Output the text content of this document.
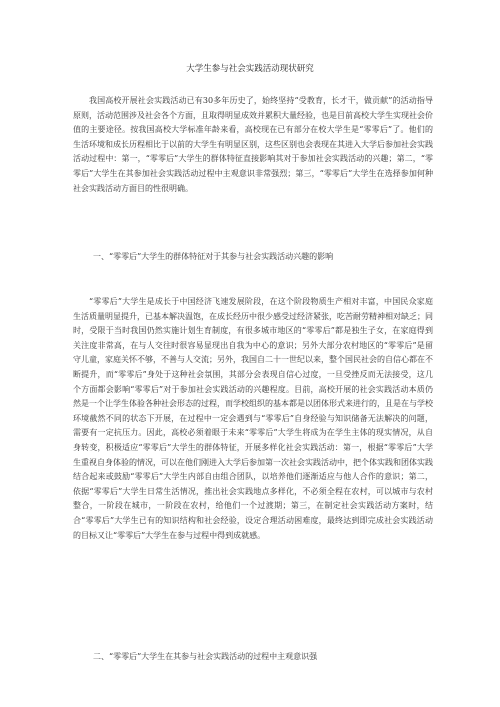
大学生参与社会实践活动现状研究

我国高校开展社会实践活动已有30多年历史了，始终坚持“受教育，长才干，做贡献”的活动指导原则，活动范围涉及社会各个方面，且取得明显成效并累积大量经验，也是目前高校大学生实现社会价值的主要途径。按我国高校大学标准年龄来看，高校现在已有部分在校大学生是“零零后”了。他们的生活环境和成长历程相比于以前的大学生有明显区别，这些区别也会表现在其进入大学后参加社会实践活动过程中：第一，“零零后”大学生的群体特征直接影响其对于参加社会实践活动的兴趣；第二，“零零后”大学生在其参加社会实践活动过程中主观意识非常强烈；第三，“零零后”大学生在选择参加何种社会实践活动方面目的性很明确。

一、“零零后”大学生的群体特征对于其参与社会实践活动兴趣的影响

“零零后”大学生是成长于中国经济飞速发展阶段，在这个阶段物质生产相对丰富，中国民众家庭生活质量明显提升，已基本解决温饱，在成长经历中很少感受过经济紧张，吃苦耐劳精神相对缺乏；同时，受限于当时我国仍然实施计划生育制度，有很多城市地区的“零零后”都是独生子女，在家庭得到关注度非常高，在与人交往时很容易显现出自我为中心的意识；另外大部分农村地区的“零零后”是留守儿童，家庭关怀不够，不善与人交流；另外，我国自二十一世纪以来，整个国民社会的自信心都在不断提升，而“零零后”身处于这种社会氛围，其部分会表现自信心过度，一旦受挫反而无法接受，这几个方面都会影响“零零后”对于参加社会实践活动的兴趣程度。目前，高校开展的社会实践活动本质仍然是一个让学生体验各种社会形态的过程，而学校组织的基本都是以团体形式来进行的，且是在与学校环境截然不同的状态下开展，在过程中一定会遇到与“零零后”自身经验与知识储备无法解决的问题，需要有一定抗压力。因此，高校必须着眼于未来“零零后”大学生将成为在学生主体的现实情况，从自身转变，积极适应“零零后”大学生的群体特征，开展多样化社会实践活动：第一，根据“零零后”大学生重视自身体验的情况，可以在他们刚进入大学后参加第一次社会实践活动中，把个体实践和团体实践结合起来或鼓励“零零后”大学生内部自由组合团队，以培养他们逐渐适应与他人合作的意识；第二，依据“零零后”大学生日常生活情况，推出社会实践地点多样化，不必须全程在农村，可以城市与农村整合，一阶段在城市，一阶段在农村，给他们一个过渡期；第三，在制定社会实践活动方案时，结合“零零后”大学生已有的知识结构和社会经验，设定合理活动困难度，最终达到即完成社会实践活动的目标又让“零零后”大学生在参与过程中得到成就感。

二、“零零后”大学生在其参与社会实践活动的过程中主观意识强
